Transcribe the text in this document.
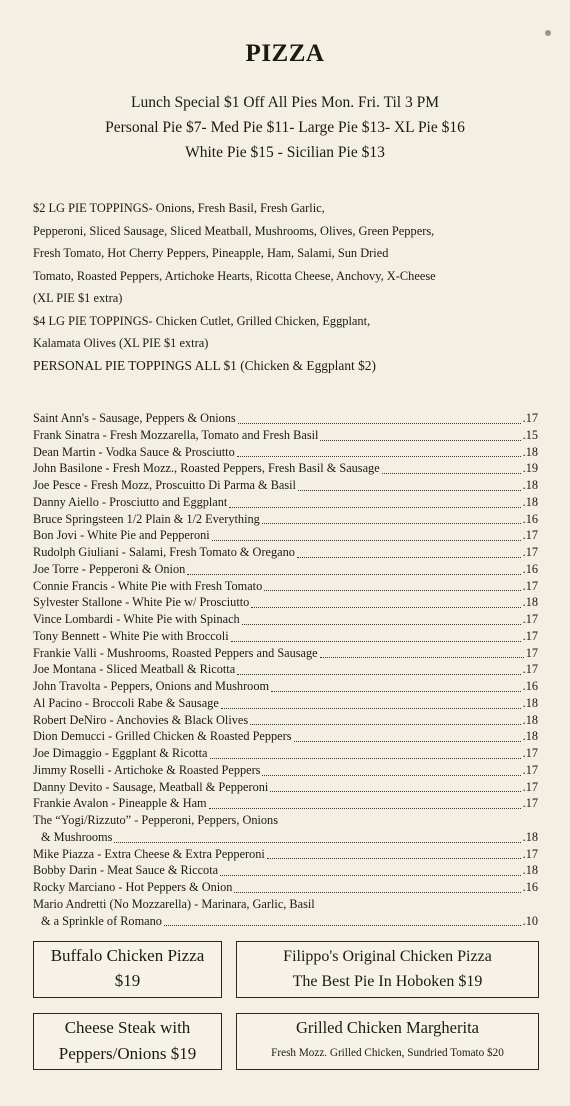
PIZZA
Lunch Special $1 Off All Pies Mon. Fri. Til 3 PM
Personal Pie $7- Med Pie $11- Large Pie $13- XL Pie $16
White Pie $15 - Sicilian Pie $13
$2 LG PIE TOPPINGS- Onions, Fresh Basil, Fresh Garlic,
Pepperoni, Sliced Sausage, Sliced Meatball, Mushrooms, Olives, Green Peppers,
Fresh Tomato, Hot Cherry Peppers, Pineapple, Ham, Salami, Sun Dried
Tomato, Roasted Peppers, Artichoke Hearts, Ricotta Cheese, Anchovy, X-Cheese
(XL PIE $1 extra)
$4 LG PIE TOPPINGS- Chicken Cutlet, Grilled Chicken, Eggplant,
Kalamata Olives (XL PIE $1 extra)
PERSONAL PIE TOPPINGS ALL $1 (Chicken & Eggplant $2)
Saint Ann's - Sausage, Peppers & Onions	.17
Frank Sinatra - Fresh Mozzarella, Tomato and Fresh Basil	.15
Dean Martin - Vodka Sauce & Prosciutto	.18
John Basilone - Fresh Mozz., Roasted Peppers, Fresh Basil & Sausage	.19
Joe Pesce - Fresh Mozz, Proscuitto Di Parma & Basil	.18
Danny Aiello - Prosciutto and Eggplant	.18
Bruce Springsteen 1/2 Plain & 1/2 Everything	.16
Bon Jovi - White Pie and Pepperoni	.17
Rudolph Giuliani - Salami, Fresh Tomato & Oregano	.17
Joe Torre - Pepperoni & Onion	.16
Connie Francis - White Pie with Fresh Tomato	.17
Sylvester Stallone - White Pie w/ Prosciutto	.18
Vince Lombardi - White Pie with Spinach	.17
Tony Bennett - White Pie with Broccoli	.17
Frankie Valli - Mushrooms, Roasted Peppers and Sausage	17
Joe Montana - Sliced Meatball & Ricotta	.17
John Travolta - Peppers, Onions and Mushroom	.16
Al Pacino - Broccoli Rabe & Sausage	.18
Robert DeNiro - Anchovies & Black Olives	.18
Dion Demucci - Grilled Chicken & Roasted Peppers	.18
Joe Dimaggio - Eggplant & Ricotta	.17
Jimmy Roselli - Artichoke & Roasted Peppers	.17
Danny Devito - Sausage, Meatball & Pepperoni	.17
Frankie Avalon - Pineapple & Ham	.17
The “Yogi/Rizzuto” - Pepperoni, Peppers, Onions
& Mushrooms	.18
Mike Piazza - Extra Cheese & Extra Pepperoni	.17
Bobby Darin - Meat Sauce & Riccota	.18
Rocky Marciano - Hot Peppers & Onion	.16
Mario Andretti (No Mozzarella) - Marinara, Garlic, Basil
& a Sprinkle of Romano	.10
Buffalo Chicken Pizza
$19
Filippo's Original Chicken Pizza
The Best Pie In Hoboken $19
Cheese Steak with
Peppers/Onions $19
Grilled Chicken Margherita
Fresh Mozz. Grilled Chicken, Sundried Tomato $20
